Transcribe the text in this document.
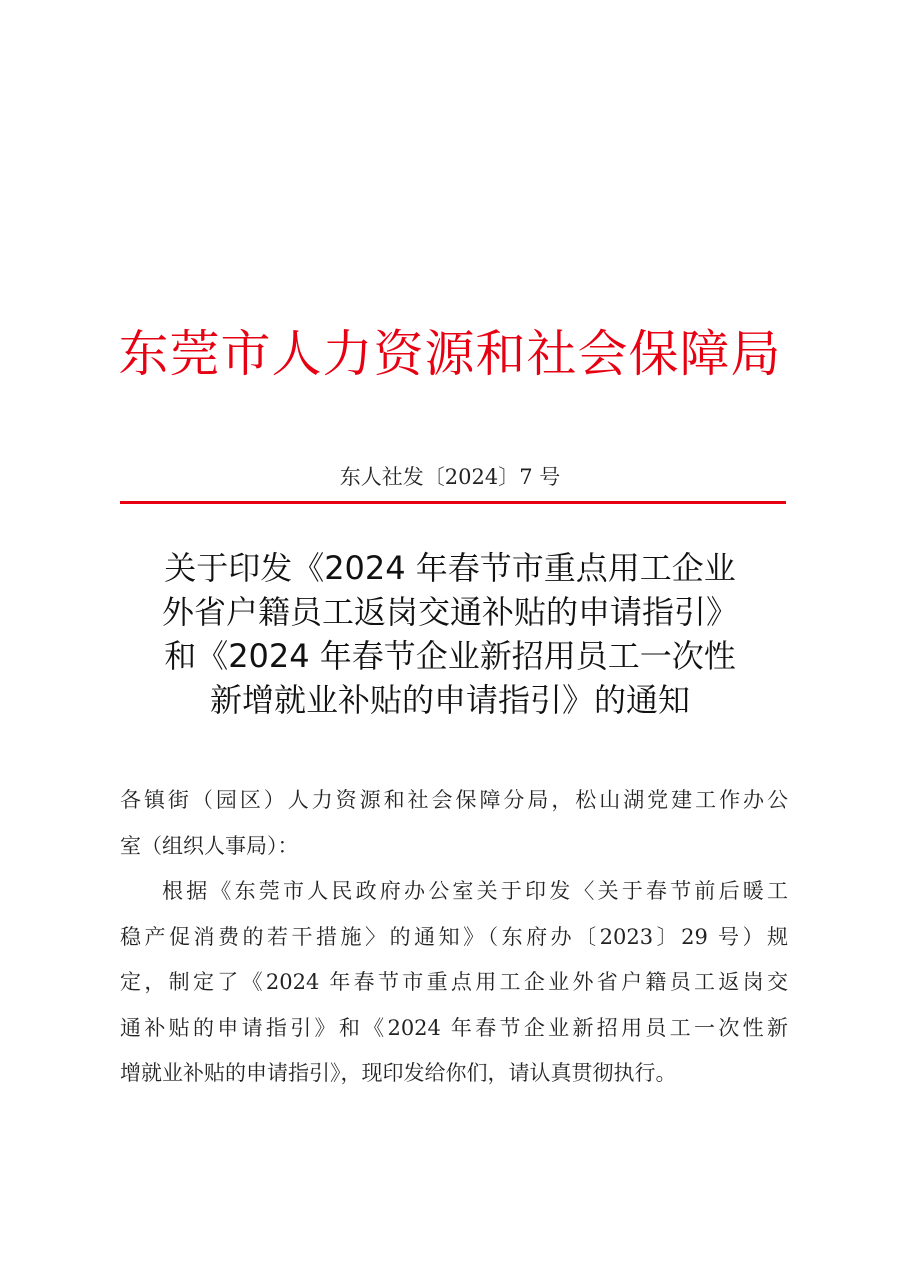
东莞市人力资源和社会保障局
东人社发〔2024〕7 号
关于印发《2024 年春节市重点用工企业
外省户籍员工返岗交通补贴的申请指引》
和《2024 年春节企业新招用员工一次性
新增就业补贴的申请指引》的通知

各镇街（园区）人力资源和社会保障分局，松山湖党建工作办公
室（组织人事局）：

根据《东莞市人民政府办公室关于印发〈关于春节前后暖工
稳产促消费的若干措施〉的通知》（东府办〔2023〕29 号）规
定，制定了《2024 年春节市重点用工企业外省户籍员工返岗交
通补贴的申请指引》和《2024 年春节企业新招用员工一次性新
增就业补贴的申请指引》，现印发给你们，请认真贯彻执行。
